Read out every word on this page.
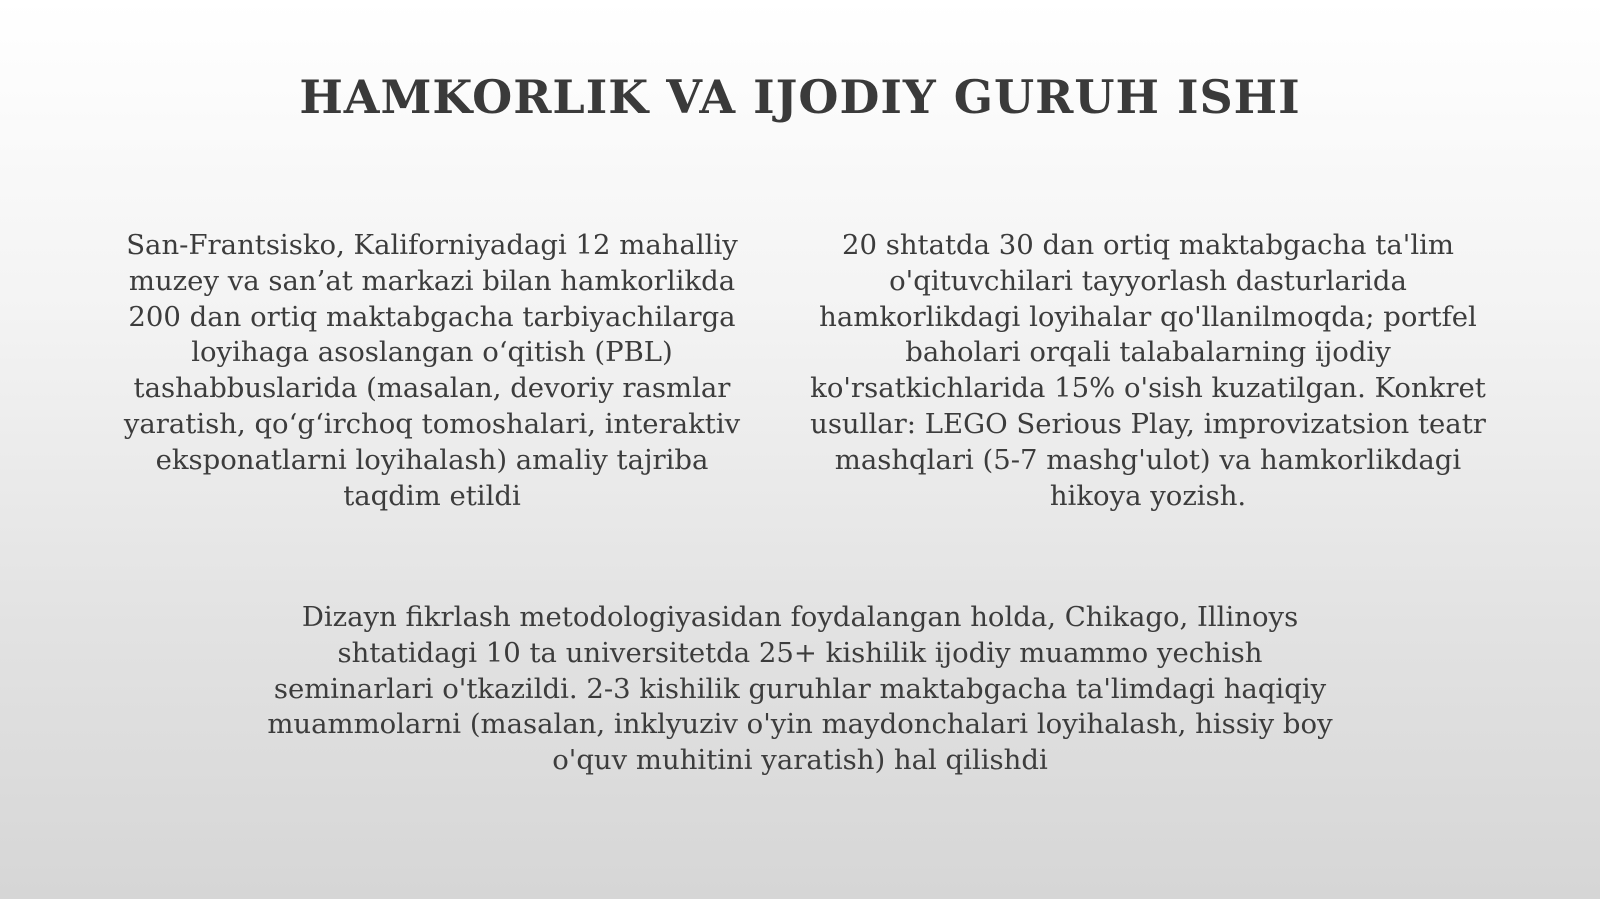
HAMKORLIK VA IJODIY GURUH ISHI

San-Frantsisko, Kaliforniyadagi 12 mahalliy muzey va san’at markazi bilan hamkorlikda 200 dan ortiq maktabgacha tarbiyachilarga loyihaga asoslangan o‘qitish (PBL) tashabbuslarida (masalan, devoriy rasmlar yaratish, qo‘g‘irchoq tomoshalari, interaktiv eksponatlarni loyihalash) amaliy tajriba taqdim etildi

20 shtatda 30 dan ortiq maktabgacha ta'lim o'qituvchilari tayyorlash dasturlarida hamkorlikdagi loyihalar qo'llanilmoqda; portfel baholari orqali talabalarning ijodiy ko'rsatkichlarida 15% o'sish kuzatilgan. Konkret usullar: LEGO Serious Play, improvizatsion teatr mashqlari (5-7 mashg'ulot) va hamkorlikdagi hikoya yozish.

Dizayn fikrlash metodologiyasidan foydalangan holda, Chikago, Illinoys shtatidagi 10 ta universitetda 25+ kishilik ijodiy muammo yechish seminarlari o'tkazildi. 2-3 kishilik guruhlar maktabgacha ta'limdagi haqiqiy muammolarni (masalan, inklyuziv o'yin maydonchalari loyihalash, hissiy boy o'quv muhitini yaratish) hal qilishdi
